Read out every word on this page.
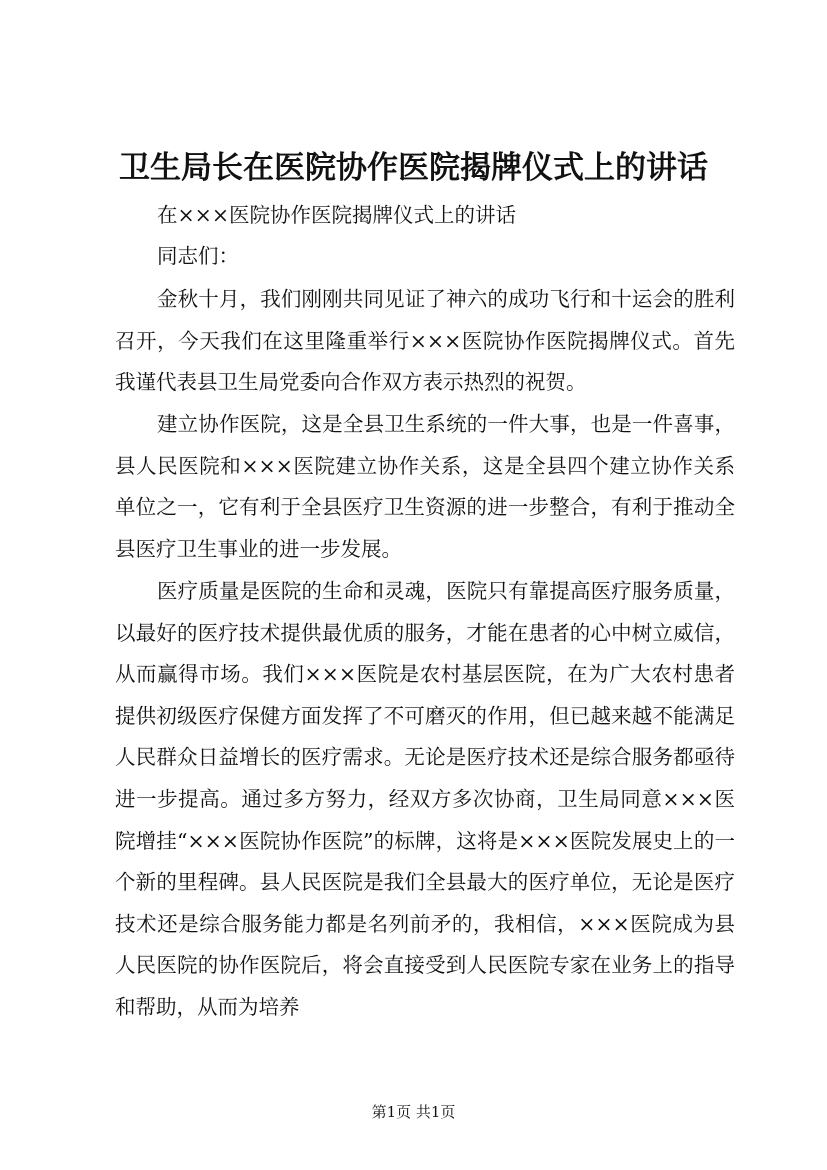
卫生局长在医院协作医院揭牌仪式上的讲话
在×××医院协作医院揭牌仪式上的讲话
同志们：

金秋十月，我们刚刚共同见证了神六的成功飞行和十运会的胜利召开，今天我们在这里隆重举行×××医院协作医院揭牌仪式。首先我谨代表县卫生局党委向合作双方表示热烈的祝贺。

建立协作医院，这是全县卫生系统的一件大事，也是一件喜事，县人民医院和×××医院建立协作关系，这是全县四个建立协作关系单位之一，它有利于全县医疗卫生资源的进一步整合，有利于推动全县医疗卫生事业的进一步发展。

医疗质量是医院的生命和灵魂，医院只有靠提高医疗服务质量，以最好的医疗技术提供最优质的服务，才能在患者的心中树立威信，从而赢得市场。我们×××医院是农村基层医院，在为广大农村患者提供初级医疗保健方面发挥了不可磨灭的作用，但已越来越不能满足人民群众日益增长的医疗需求。无论是医疗技术还是综合服务都亟待进一步提高。通过多方努力，经双方多次协商，卫生局同意×××医院增挂“×××医院协作医院”的标牌，这将是×××医院发展史上的一个新的里程碑。县人民医院是我们全县最大的医疗单位，无论是医疗技术还是综合服务能力都是名列前矛的，我相信，×××医院成为县人民医院的协作医院后，将会直接受到人民医院专家在业务上的指导和帮助，从而为培养

第1页 共1页
